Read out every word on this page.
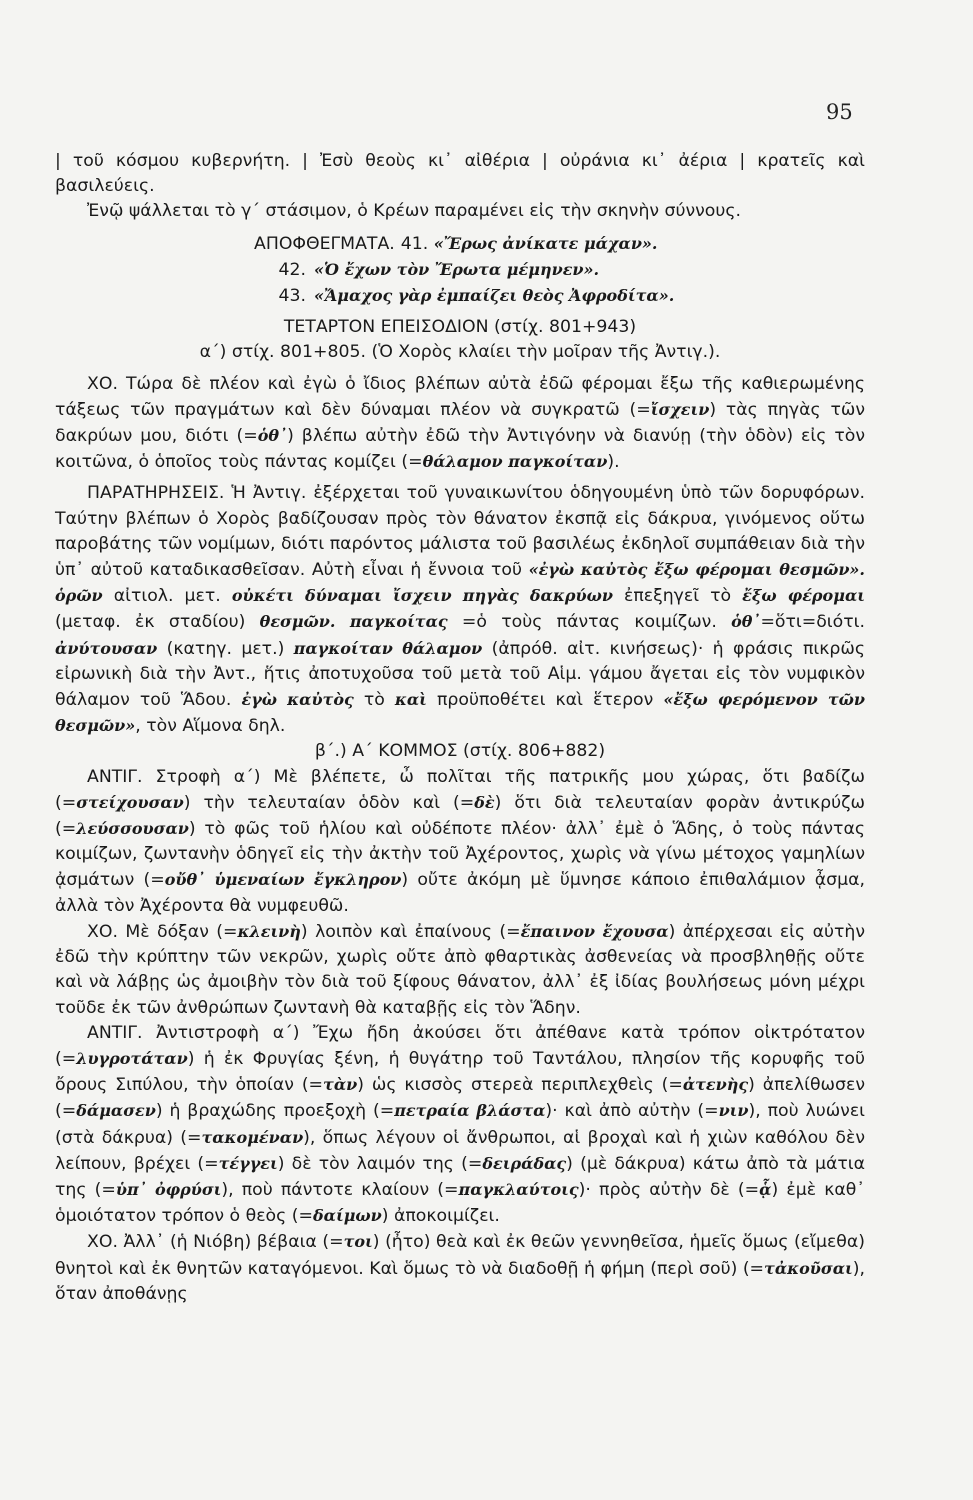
95

| τοῦ κόσμου κυβερνήτη. | Ἐσὺ θεοὺς κι᾽ αἰθέρια | οὐράνια κι᾽ ἀέρια | κρατεῖς καὶ βασιλεύεις.

Ἐνῷ ψάλλεται τὸ γ΄ στάσιμον, ὁ Κρέων παραμένει εἰς τὴν σκηνὴν σύννους.

ΑΠΟΦΘΕΓΜΑΤΑ. 41. «Ἔρως ἀνίκατε μάχαν».

42. «Ὁ ἔχων τὸν Ἔρωτα μέμηνεν».

43. «Ἄμαχος γὰρ ἐμπαίζει θεὸς Ἀφροδίτα».

ΤΕΤΑΡΤΟΝ ΕΠΕΙΣΟΔΙΟΝ (στίχ. 801+943)

α΄) στίχ. 801+805. (Ὁ Χορὸς κλαίει τὴν μοῖραν τῆς Ἀντιγ.).

ΧΟ. Τώρα δὲ πλέον καὶ ἐγὼ ὁ ἴδιος βλέπων αὐτὰ ἐδῶ φέρομαι ἔξω τῆς καθιερωμένης τάξεως τῶν πραγμάτων καὶ δὲν δύναμαι πλέον νὰ συγκρατῶ (=ἴσχειν) τὰς πηγὰς τῶν δακρύων μου, διότι (=ὁθ᾽) βλέπω αὐτὴν ἐδῶ τὴν Ἀντιγόνην νὰ διανύῃ (τὴν ὁδὸν) εἰς τὸν κοιτῶνα, ὁ ὁποῖος τοὺς πάντας κομίζει (=θάλαμον παγκοίταν).

ΠΑΡΑΤΗΡΗΣΕΙΣ. Ἡ Ἀντιγ. ἐξέρχεται τοῦ γυναικωνίτου ὁδηγουμένη ὑπὸ τῶν δορυφόρων. Ταύτην βλέπων ὁ Χορὸς βαδίζουσαν πρὸς τὸν θάνατον ἐκσπᾷ εἰς δάκρυα, γινόμενος οὕτω παροβάτης τῶν νομίμων, διότι παρόντος μάλιστα τοῦ βασιλέως ἐκδηλοῖ συμπάθειαν διὰ τὴν ὑπ᾽ αὐτοῦ καταδικασθεῖσαν. Αὐτὴ εἶναι ἡ ἔννοια τοῦ «ἐγὼ καὐτὸς ἔξω φέρομαι θεσμῶν». ὁρῶν αἰτιολ. μετ. οὐκέτι δύναμαι ἴσχειν πηγὰς δακρύων ἐπεξηγεῖ τὸ ἔξω φέρομαι (μεταφ. ἐκ σταδίου) θεσμῶν. παγκοίτας =ὁ τοὺς πάντας κοιμίζων. ὁθ᾽=ὅτι=διότι. ἀνύτουσαν (κατηγ. μετ.) παγκοίταν θάλαμον (ἀπρόθ. αἰτ. κινήσεως)· ἡ φράσις πικρῶς εἰρωνικὴ διὰ τὴν Ἀντ., ἥτις ἀποτυχοῦσα τοῦ μετὰ τοῦ Αἱμ. γάμου ἄγεται εἰς τὸν νυμφικὸν θάλαμον τοῦ Ἅδου. ἐγὼ καὐτὸς τὸ καὶ προϋποθέτει καὶ ἕτερον «ἔξω φερόμενον τῶν θεσμῶν», τὸν Αἵμονα δηλ.

β΄.) Α΄ ΚΟΜΜΟΣ (στίχ. 806+882)

ΑΝΤΙΓ. Στροφὴ α΄) Μὲ βλέπετε, ὦ πολῖται τῆς πατρικῆς μου χώρας, ὅτι βαδίζω (=στείχουσαν) τὴν τελευταίαν ὁδὸν καὶ (=δὲ) ὅτι διὰ τελευταίαν φορὰν ἀντικρύζω (=λεύσσουσαν) τὸ φῶς τοῦ ἡλίου καὶ οὐδέποτε πλέον· ἀλλ᾽ ἐμὲ ὁ Ἅδης, ὁ τοὺς πάντας κοιμίζων, ζωντανὴν ὁδηγεῖ εἰς τὴν ἀκτὴν τοῦ Ἀχέροντος, χωρὶς νὰ γίνω μέτοχος γαμηλίων ᾀσμάτων (=οὔθ᾽ ὑμεναίων ἔγκληρον) οὔτε ἀκόμη μὲ ὕμνησε κάποιο ἐπιθαλάμιον ᾆσμα, ἀλλὰ τὸν Ἀχέροντα θὰ νυμφευθῶ.

ΧΟ. Μὲ δόξαν (=κλεινὴ) λοιπὸν καὶ ἐπαίνους (=ἔπαινον ἔχουσα) ἀπέρχεσαι εἰς αὐτὴν ἐδῶ τὴν κρύπτην τῶν νεκρῶν, χωρὶς οὔτε ἀπὸ φθαρτικὰς ἀσθενείας νὰ προσβληθῇς οὔτε καὶ νὰ λάβῃς ὡς ἀμοιβὴν τὸν διὰ τοῦ ξίφους θάνατον, ἀλλ᾽ ἐξ ἰδίας βουλήσεως μόνη μέχρι τοῦδε ἐκ τῶν ἀνθρώπων ζωντανὴ θὰ καταβῇς εἰς τὸν Ἅδην.

ΑΝΤΙΓ. Ἀντιστροφὴ α΄) Ἔχω ἤδη ἀκούσει ὅτι ἀπέθανε κατὰ τρόπον οἰκτρότατον (=λυγροτάταν) ἡ ἐκ Φρυγίας ξένη, ἡ θυγάτηρ τοῦ Ταντάλου, πλησίον τῆς κορυφῆς τοῦ ὄρους Σιπύλου, τὴν ὁποίαν (=τὰν) ὡς κισσὸς στερεὰ περιπλεχθεὶς (=ἀτενὴς) ἀπελίθωσεν (=δάμασεν) ἡ βραχώδης προεξοχὴ (=πετραία βλάστα)· καὶ ἀπὸ αὐτὴν (=νιν), ποὺ λυώνει (στὰ δάκρυα) (=τακομέναν), ὅπως λέγουν οἱ ἄνθρωποι, αἱ βροχαὶ καὶ ἡ χιὼν καθόλου δὲν λείπουν, βρέχει (=τέγγει) δὲ τὸν λαιμόν της (=δειράδας) (μὲ δάκρυα) κάτω ἀπὸ τὰ μάτια της (=ὑπ᾽ ὀφρύσι), ποὺ πάντοτε κλαίουν (=παγκλαύτοις)· πρὸς αὐτὴν δὲ (=ᾇ) ἐμὲ καθ᾽ ὁμοιότατον τρόπον ὁ θεὸς (=δαίμων) ἀποκοιμίζει.

ΧΟ. Ἀλλ᾽ (ἡ Νιόβη) βέβαια (=τοι) (ἦτο) θεὰ καὶ ἐκ θεῶν γεννηθεῖσα, ἡμεῖς ὅμως (εἴμεθα) θνητοὶ καὶ ἐκ θνητῶν καταγόμενοι. Καὶ ὅμως τὸ νὰ διαδοθῇ ἡ φήμη (περὶ σοῦ) (=τἀκοῦσαι), ὅταν ἀποθάνῃς
